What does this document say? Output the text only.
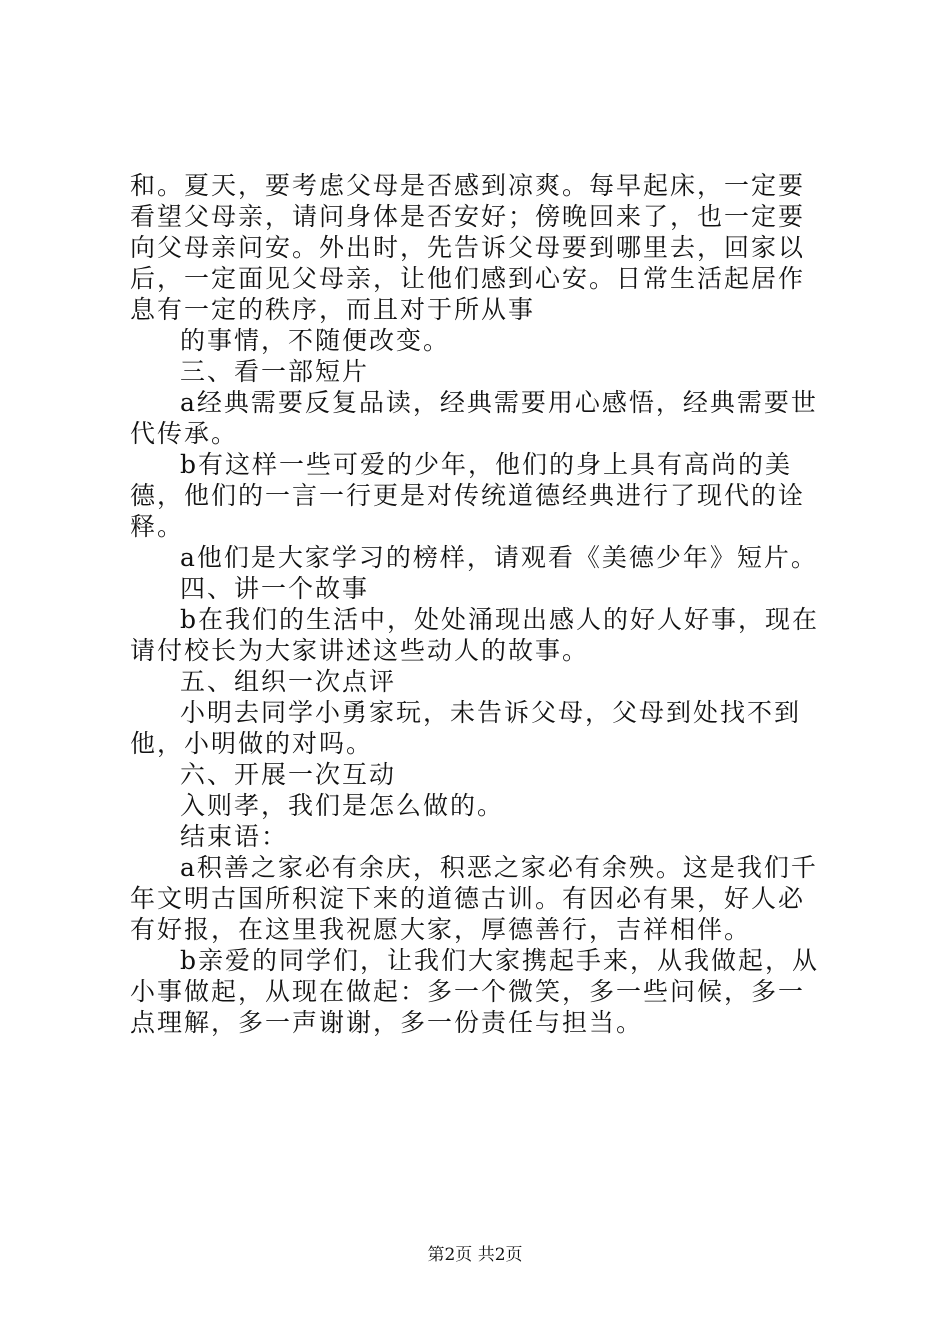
和。夏天，要考虑父母是否感到凉爽。每早起床，一定要看望父母亲，请问身体是否安好；傍晚回来了，也一定要向父母亲问安。外出时，先告诉父母要到哪里去，回家以后，一定面见父母亲，让他们感到心安。日常生活起居作息有一定的秩序，而且对于所从事

的事情，不随便改变。

三、看一部短片

a经典需要反复品读，经典需要用心感悟，经典需要世代传承。

b有这样一些可爱的少年，他们的身上具有高尚的美德，他们的一言一行更是对传统道德经典进行了现代的诠释。

a他们是大家学习的榜样，请观看《美德少年》短片。

四、讲一个故事

b在我们的生活中，处处涌现出感人的好人好事，现在请付校长为大家讲述这些动人的故事。

五、组织一次点评

小明去同学小勇家玩，未告诉父母，父母到处找不到他，小明做的对吗。

六、开展一次互动

入则孝，我们是怎么做的。

结束语：

a积善之家必有余庆，积恶之家必有余殃。这是我们千年文明古国所积淀下来的道德古训。有因必有果，好人必有好报，在这里我祝愿大家，厚德善行，吉祥相伴。

b亲爱的同学们，让我们大家携起手来，从我做起，从小事做起，从现在做起：多一个微笑，多一些问候，多一点理解，多一声谢谢，多一份责任与担当。

第2页 共2页
